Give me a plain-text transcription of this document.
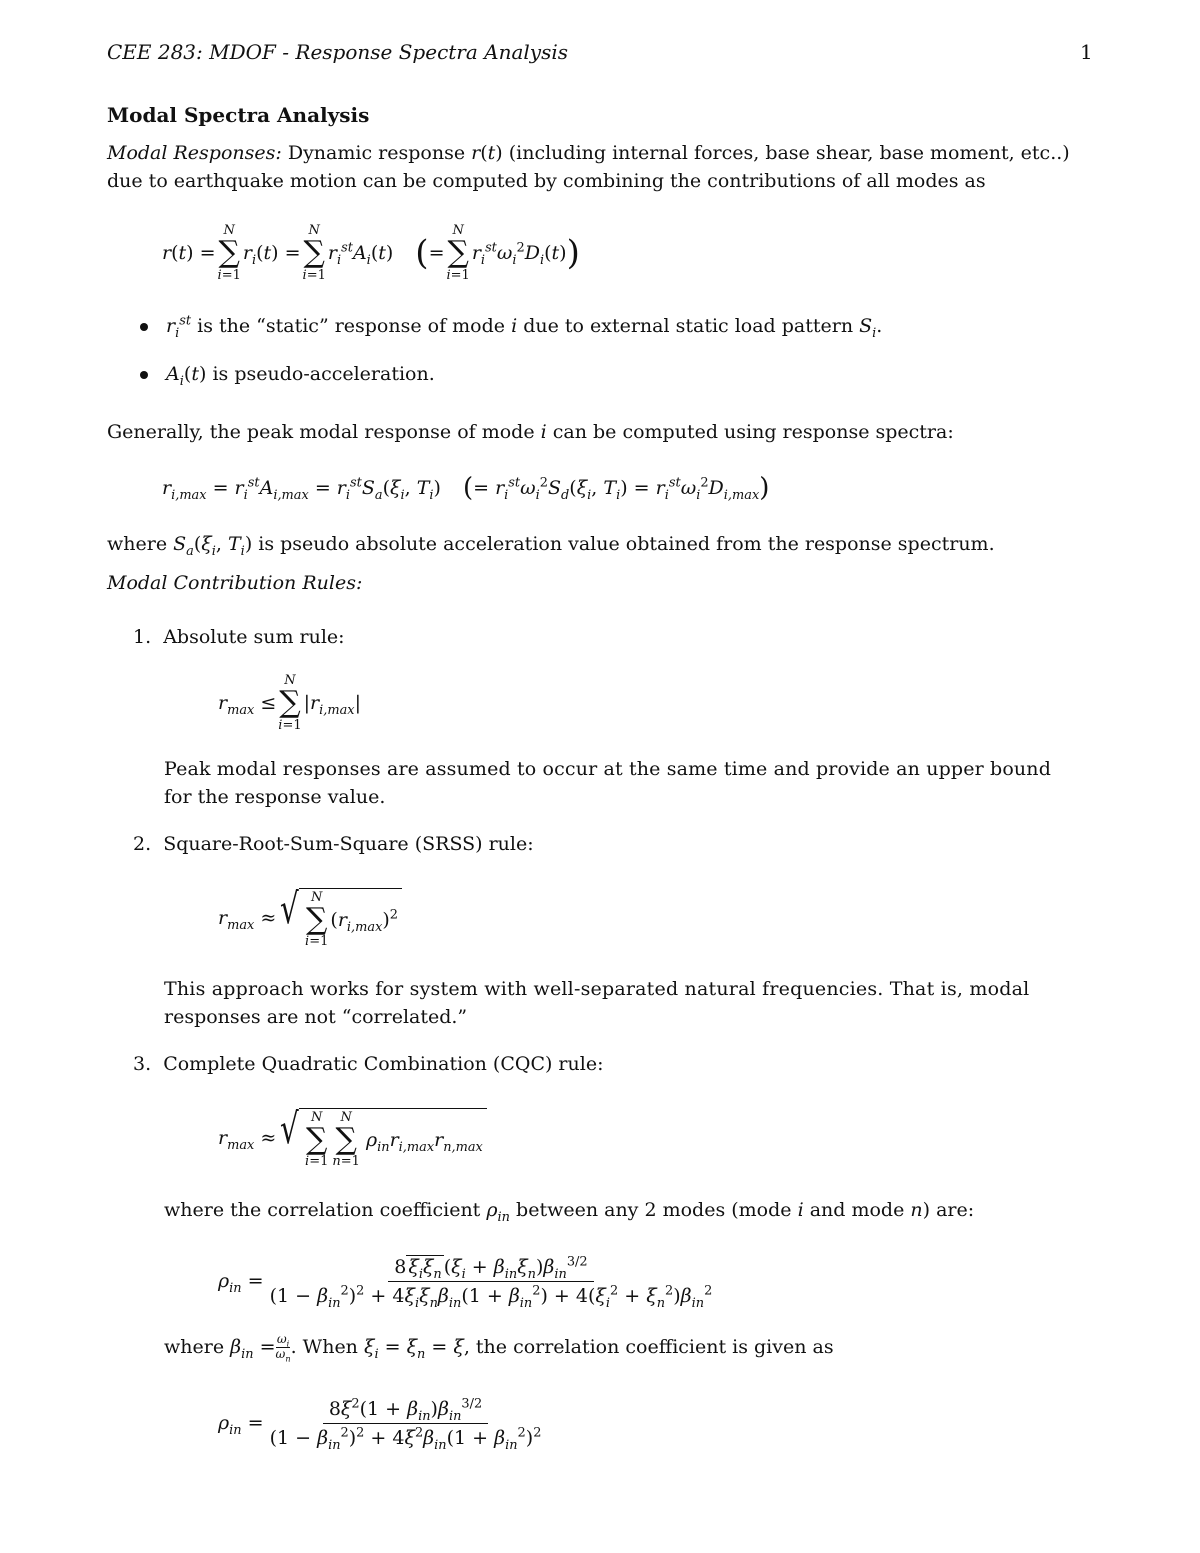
CEE 283: MDOF - Response Spectra Analysis	1
Modal Spectra Analysis
Modal Responses: Dynamic response r(t) (including internal forces, base shear, base moment, etc..)
due to earthquake motion can be computed by combining the contributions of all modes as
r(t) =
N
∑
i=1
$r_i(t)$ =
N
∑
i=1
$r_i^{st}A_i(t)$ ( =
N
∑
i=1
$r_i^{st}\omega_i^2D_i(t)$ )
$r_i^{st}$ is the “static” response of mode i due to external static load pattern $S_i$.
$A_i(t)$ is pseudo-acceleration.
Generally, the peak modal response of mode i can be computed using response spectra:
$r_{i,max} = r_i^{st}A_{i,max} = r_i^{st}S_a(\xi_i$, $T_i$) ( = $r_i^{st}\omega_i^2S_d(\xi_i$, $T_i) = r_i^{st}\omega_i^2D_{i,max}$ )
where $S_a(\xi_i$, $T_i$) is pseudo absolute acceleration value obtained from the response spectrum.
Modal Contribution Rules:
1. Absolute sum rule:
$r_{max}$ ≤
N
∑
i=1
$|r_{i,max}|$
Peak modal responses are assumed to occur at the same time and provide an upper bound
for the response value.
2. Square-Root-Sum-Square (SRSS) rule:
$r_{max}$ ≈ √ N
∑
i=1
$(r_{i,max})^2$
This approach works for system with well-separated natural frequencies. That is, modal
responses are not “correlated.”
3. Complete Quadratic Combination (CQC) rule:
$r_{max}$ ≈ √ N
∑
i=1
N
∑
n=1
$\rho_{in}r_{i,max}r_{n,max}$
where the correlation coefficient $\rho_{in}$ between any 2 modes (mode i and mode n) are:
$\rho_{in} = \frac{8 \xi_i\xi_n (\xi_i + \beta_{in}\xi_n)\beta_{in}^{3/2}}{(1 - \beta_{in}^2)^2 + 4\xi_i\xi_n\beta_{in}(1 + \beta_{in}^2) + 4(\xi_i^2 + \xi_n^2)\beta_{in}^2}$
where
$\beta_{in} = \frac{\omega_i}{\omega_n}$ . When
$\xi_i = \xi_n = \xi$ , the correlation coefficient is given as
$\rho_{in} = \frac{8\xi^2(1 + \beta_{in})\beta_{in}^{3/2}}{(1 - \beta_{in}^2)^2 + 4\xi^2\beta_{in}(1 + \beta_{in}^2)^2}$
